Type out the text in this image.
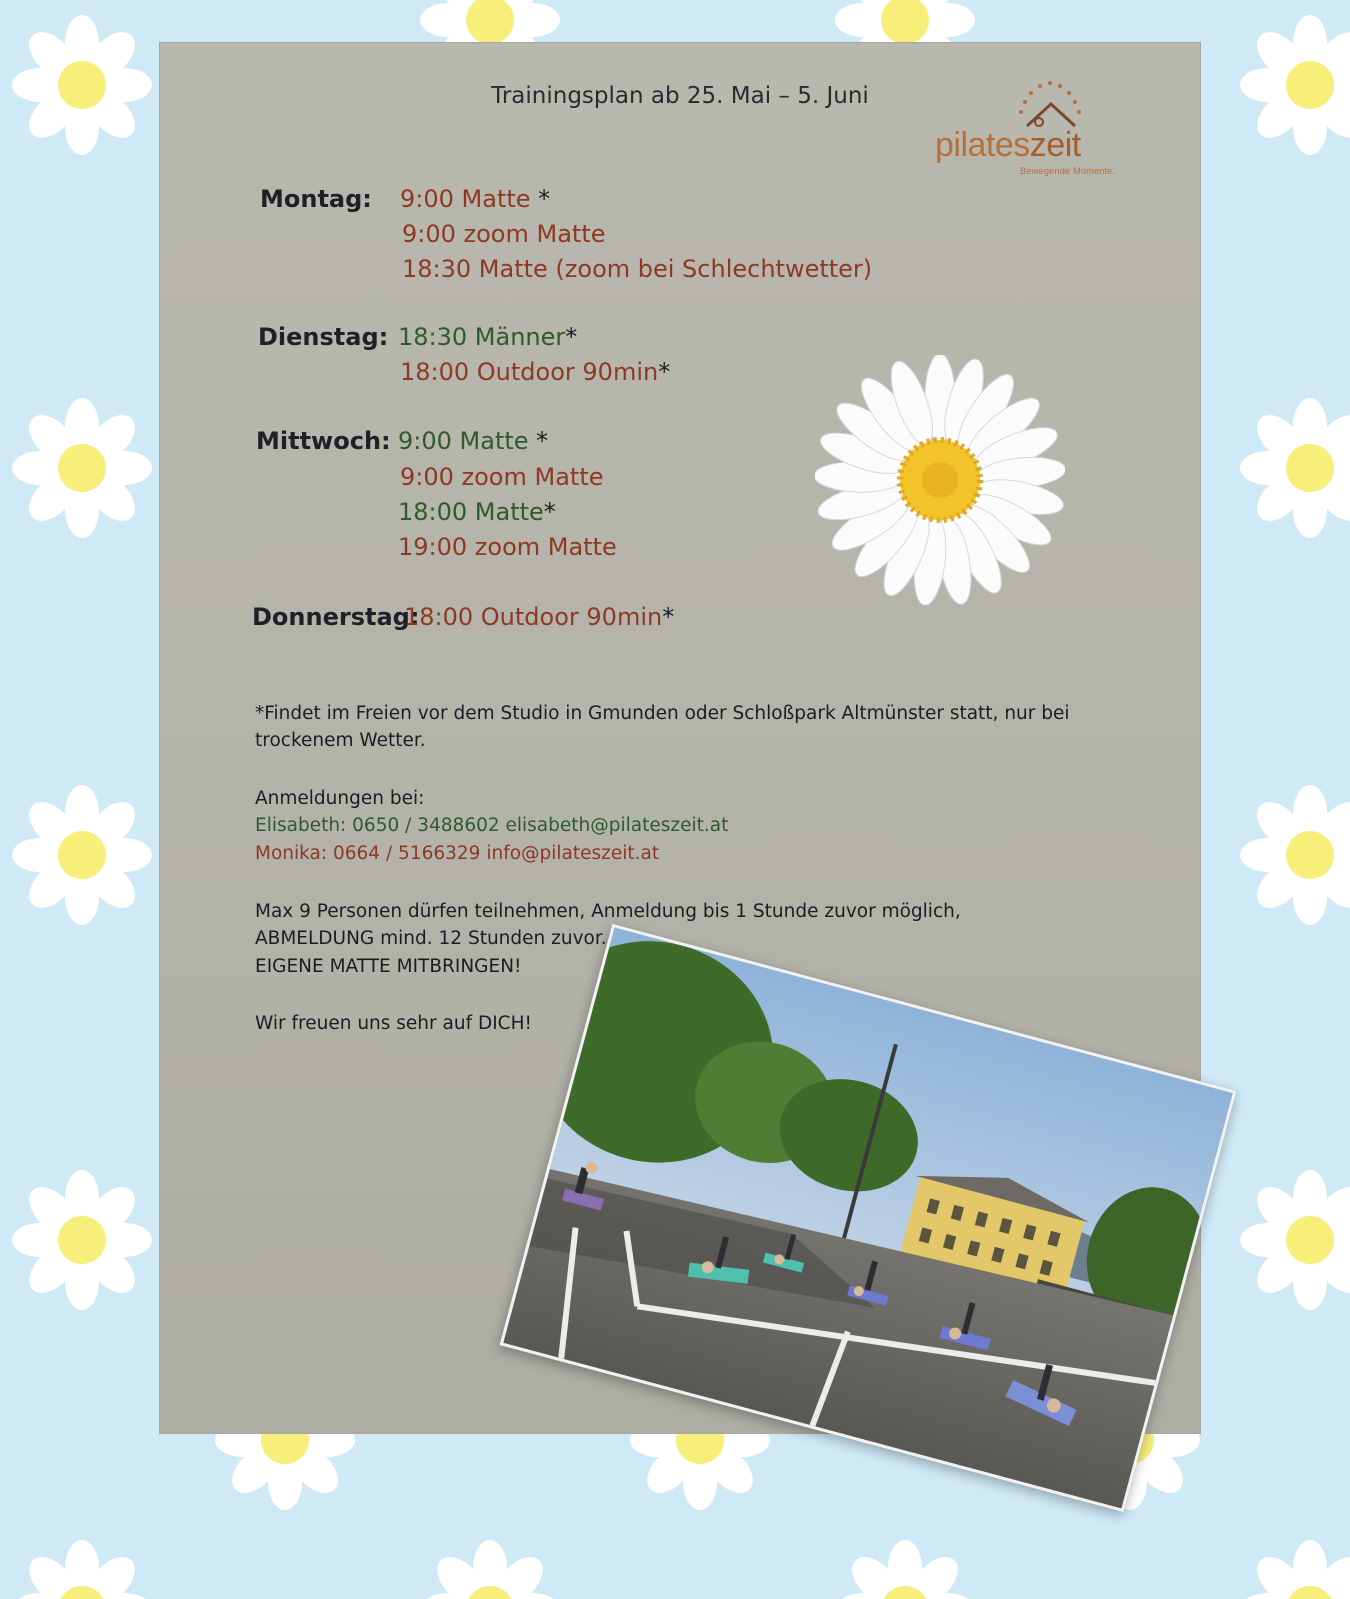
Trainingsplan ab 25. Mai – 5. Juni
pilateszeit
Bewegende Momente.
Montag: 9:00 Matte *
9:00 zoom Matte
18:30 Matte (zoom bei Schlechtwetter)
Dienstag: 18:30 Männer*
18:00 Outdoor 90min*
Mittwoch: 9:00 Matte *
9:00 zoom Matte
18:00 Matte*
19:00 zoom Matte
Donnerstag:
18:00 Outdoor 90min*
*Findet im Freien vor dem Studio in Gmunden oder Schloßpark Altmünster statt, nur bei
trockenem Wetter.
Anmeldungen bei:
Elisabeth: 0650 / 3488602 elisabeth@pilateszeit.at
Monika: 0664 / 5166329 info@pilateszeit.at
Max 9 Personen dürfen teilnehmen, Anmeldung bis 1 Stunde zuvor möglich,
ABMELDUNG mind. 12 Stunden zuvor.
EIGENE MATTE MITBRINGEN!
Wir freuen uns sehr auf DICH!
